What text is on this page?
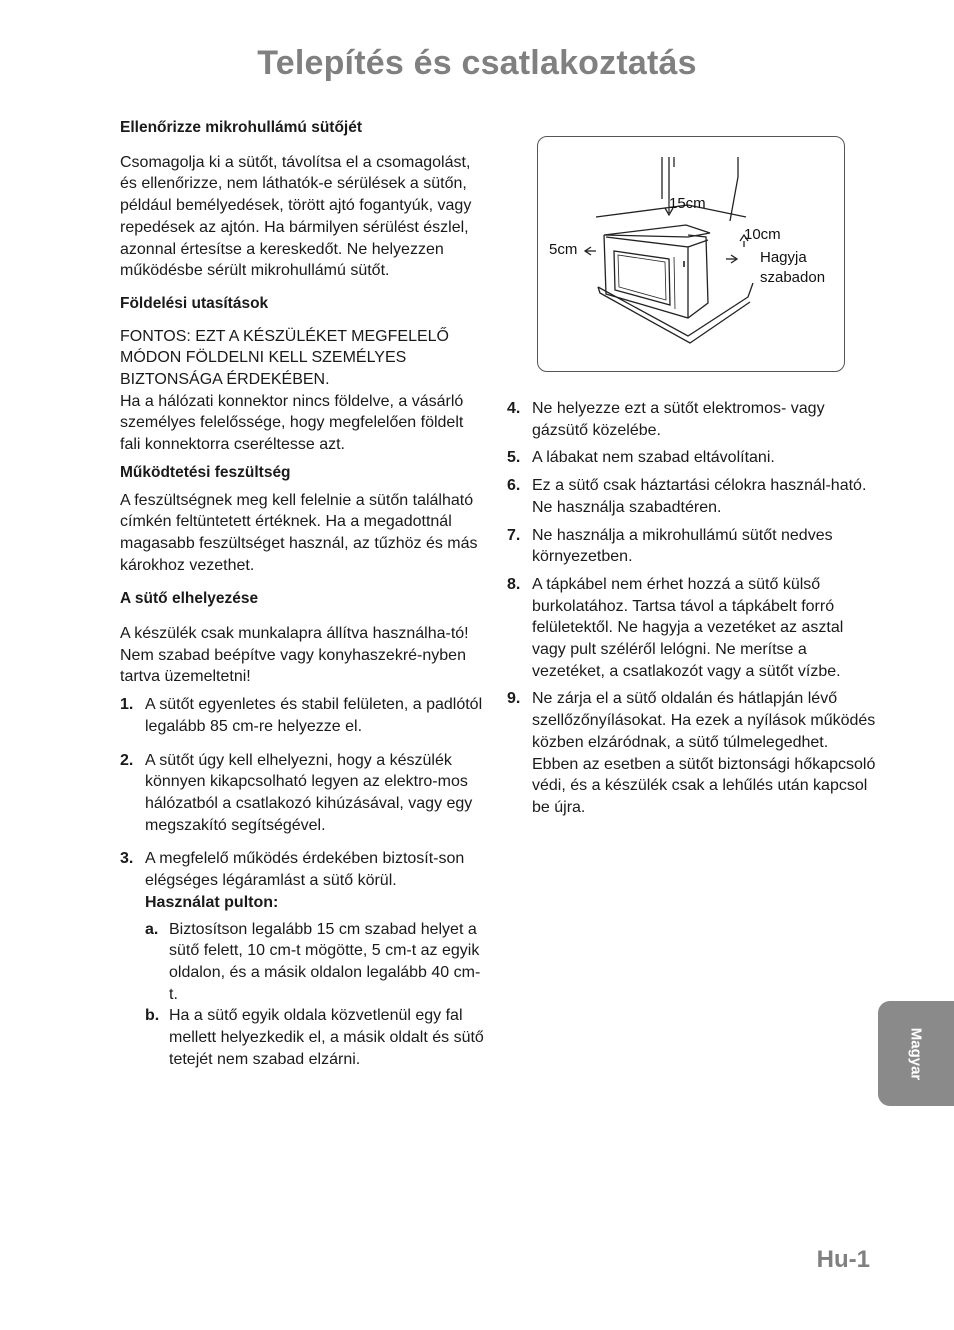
Telepítés és csatlakoztatás
Ellenőrizze mikrohullámú sütőjét

Csomagolja ki a sütőt, távolítsa el a csomagolást, és ellenőrizze, nem láthatók-e sérülések a sütőn, például bemélyedések, törött ajtó fogantyúk, vagy repedések az ajtón. Ha bármilyen sérülést észlel, azonnal értesítse a kereskedőt. Ne helyezzen működésbe sérült mikrohullámú sütőt.

Földelési utasítások

FONTOS: EZT A KÉSZÜLÉKET MEGFELELŐ MÓDON FÖLDELNI KELL SZEMÉLYES BIZTONSÁGA ÉRDEKÉBEN.

Ha a hálózati konnektor nincs földelve, a vásárló személyes felelőssége, hogy megfelelően földelt fali konnektorra cseréltesse azt.

Működtetési feszültség

A feszültségnek meg kell felelnie a sütőn található címkén feltüntetett értéknek. Ha a megadottnál magasabb feszültséget használ, az tűzhöz és más károkhoz vezethet.

A sütő elhelyezése

A készülék csak munkalapra állítva használha-tó! Nem szabad beépítve vagy konyhaszekré-nyben tartva üzemeltetni!

1. A sütőt egyenletes és stabil felületen, a padlótól legalább 85 cm-re helyezze el.
2. A sütőt úgy kell elhelyezni, hogy a készülék könnyen kikapcsolható legyen az elektro-mos hálózatból a csatlakozó kihúzásával, vagy egy megszakító segítségével.
3. A megfelelő működés érdekében biztosít-son elégséges légáramlást a sütő körül.
Használat pulton:
a. Biztosítson legalább 15 cm szabad helyet a sütő felett, 10 cm-t mögötte, 5 cm-t az egyik oldalon, és a másik oldalon legalább 40 cm-t.
b. Ha a sütő egyik oldala közvetlenül egy fal mellett helyezkedik el, a másik oldalt és sütő tetejét nem szabad elzárni.
15cm
10cm
5cm	Hagyja szabadon
4. Ne helyezze ezt a sütőt elektromos- vagy gázsütő közelébe.
5. A lábakat nem szabad eltávolítani.
6. Ez a sütő csak háztartási célokra használ-ható. Ne használja szabadtéren.
7. Ne használja a mikrohullámú sütőt nedves környezetben.
8. A tápkábel nem érhet hozzá a sütő külső burkolatához. Tartsa távol a tápkábelt forró felületektől. Ne hagyja a vezetéket az asztal vagy pult széléről lelógni. Ne merítse a vezetéket, a csatlakozót vagy a sütőt vízbe.
9. Ne zárja el a sütő oldalán és hátlapján lévő szellőzőnyílásokat. Ha ezek a nyílások működés közben elzáródnak, a sütő túlmelegedhet. Ebben az esetben a sütőt biztonsági hőkapcsoló védi, és a készülék csak a lehűlés után kapcsol be újra.
Magyar
Hu-1
